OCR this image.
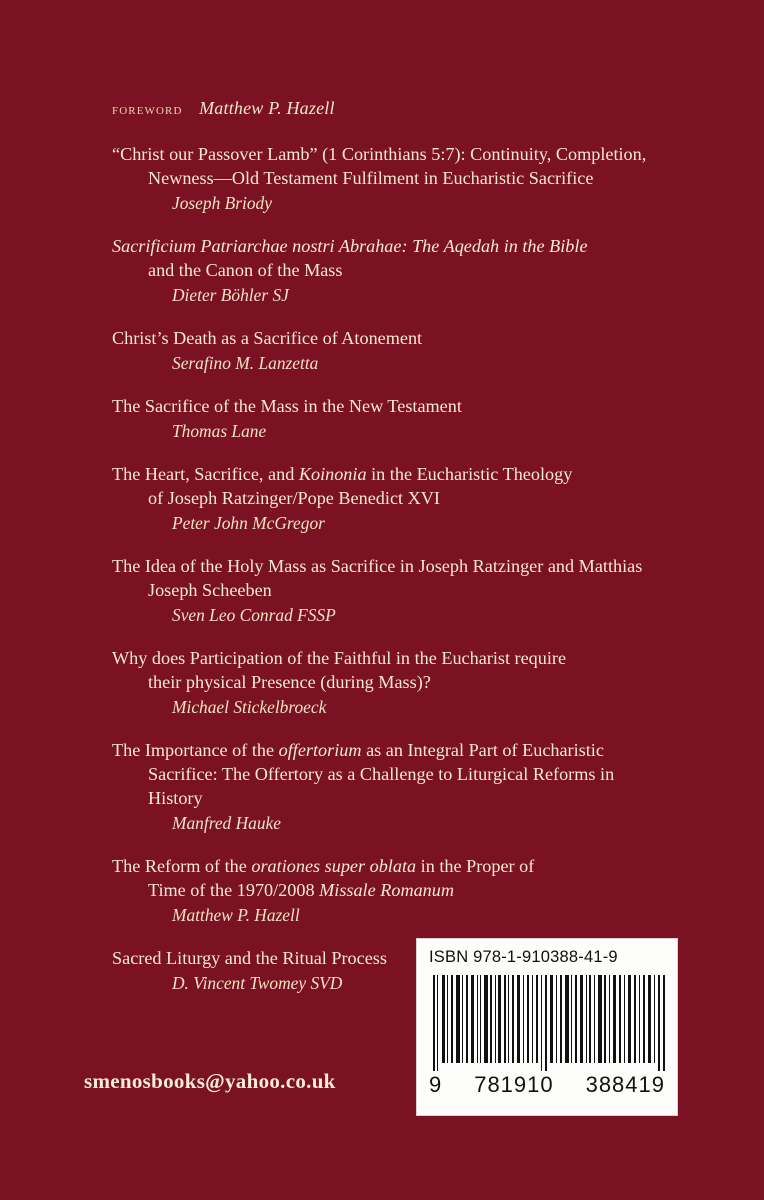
foreword Matthew P. Hazell
“Christ our Passover Lamb” (1 Corinthians 5:7): Continuity, Completion,
Newness—Old Testament Fulfilment in Eucharistic Sacrifice
Joseph Briody
Sacrificium Patriarchae nostri Abrahae: The Aqedah in the Bible
and the Canon of the Mass
Dieter Böhler SJ
Christ’s Death as a Sacrifice of Atonement
Serafino M. Lanzetta
The Sacrifice of the Mass in the New Testament
Thomas Lane
The Heart, Sacrifice, and Koinonia in the Eucharistic Theology
of Joseph Ratzinger/Pope Benedict XVI
Peter John McGregor
The Idea of the Holy Mass as Sacrifice in Joseph Ratzinger and Matthias
Joseph Scheeben
Sven Leo Conrad FSSP
Why does Participation of the Faithful in the Eucharist require
their physical Presence (during Mass)?
Michael Stickelbroeck
The Importance of the offertorium as an Integral Part of Eucharistic
Sacrifice: The Offertory as a Challenge to Liturgical Reforms in
History
Manfred Hauke
The Reform of the orationes super oblata in the Proper of
Time of the 1970/2008 Missale Romanum
Matthew P. Hazell
Sacred Liturgy and the Ritual Process
D. Vincent Twomey SVD
smenosbooks@yahoo.co.uk
ISBN 978-1-910388-41-9
9 781910 388419
